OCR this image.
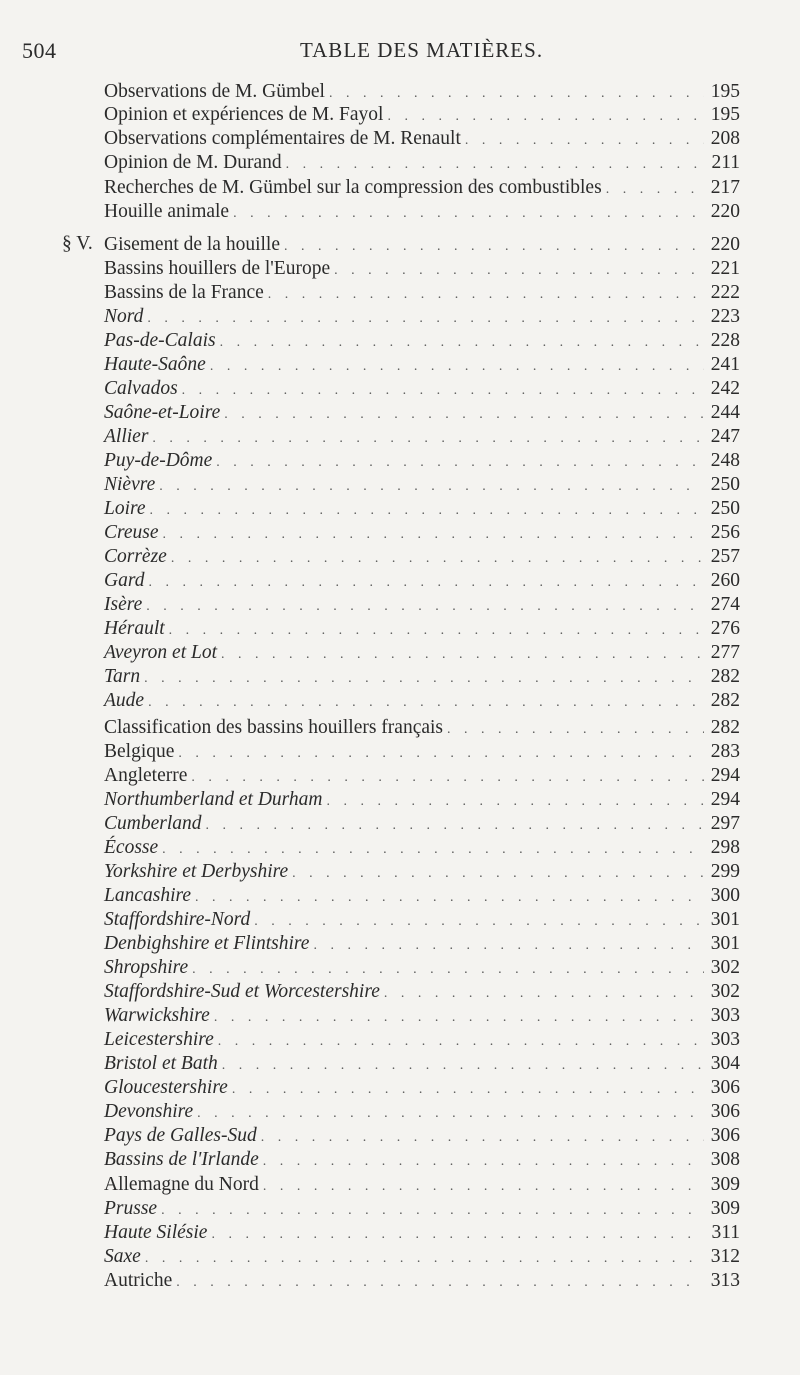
504	TABLE DES MATIÈRES.
§ V.
Observations de M. Gümbel . . .	195
Opinion et expériences de M. Fayol . . .	195
Observations complémentaires de M. Renault . . .	208
Opinion de M. Durand . . .	211
Recherches de M. Gümbel sur la compression des combustibles . . .	217
Houille animale . . .	220
Gisement de la houille . . .	220
Bassins houillers de l'Europe . . .	221
Bassins de la France . . .	222
Nord . . .	223
Pas-de-Calais . . .	228
Haute-Saône . . .	241
Calvados . . .	242
Saône-et-Loire . . .	244
Allier . . .	247
Puy-de-Dôme . . .	248
Nièvre . . .	250
Loire . . .	250
Creuse . . .	256
Corrèze . . .	257
Gard . . .	260
Isère . . .	274
Hérault . . .	276
Aveyron et Lot . . .	277
Tarn . . .	282
Aude . . .	282
Classification des bassins houillers français . . .	282
Belgique . . .	283
Angleterre . . .	294
Northumberland et Durham . . .	294
Cumberland . . .	297
Écosse . . .	298
Yorkshire et Derbyshire . . .	299
Lancashire . . .	300
Staffordshire-Nord . . .	301
Denbighshire et Flintshire . . .	301
Shropshire . . .	302
Staffordshire-Sud et Worcestershire . . .	302
Warwickshire . . .	303
Leicestershire . . .	303
Bristol et Bath . . .	304
Gloucestershire . . .	306
Devonshire . . .	306
Pays de Galles-Sud . . .	306
Bassins de l'Irlande . . .	308
Allemagne du Nord . . .	309
Prusse . . .	309
Haute Silésie . . .	311
Saxe . . .	312
Autriche . . .	313
